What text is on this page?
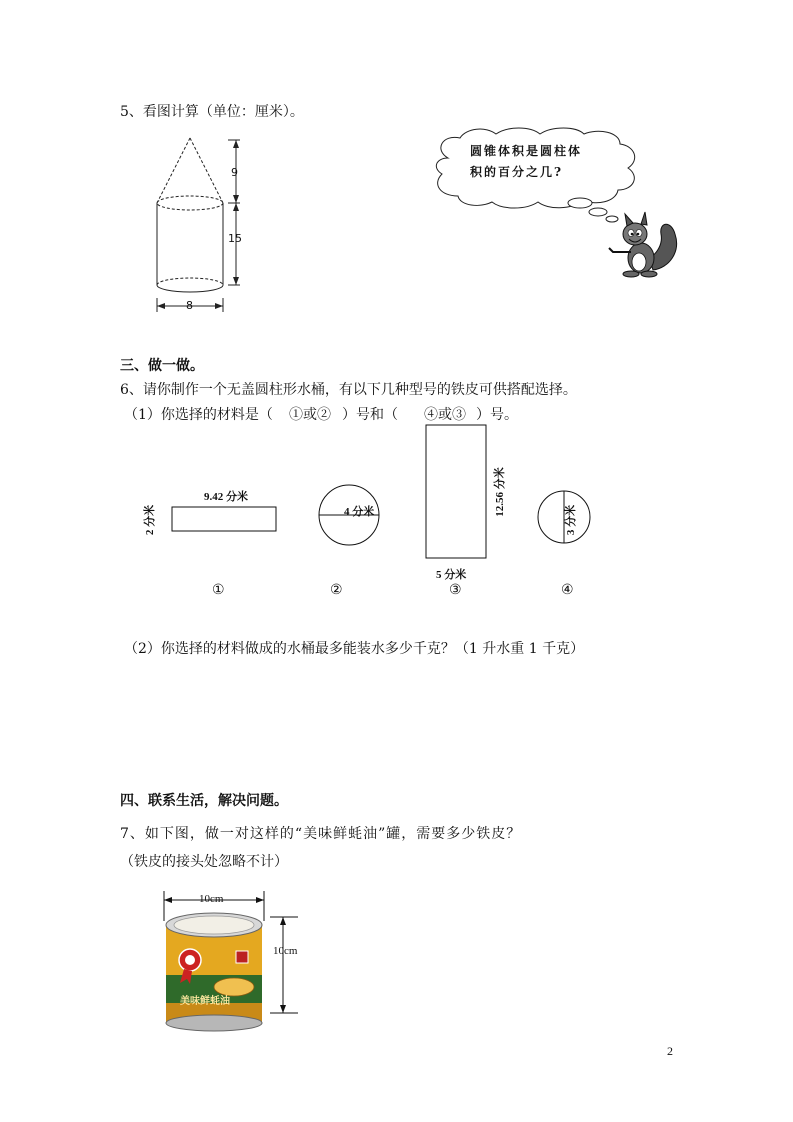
5、看图计算（单位：厘米）。
9
15
8
圆锥体积是圆柱体
积的百分之几?
三、做一做。
6、请你制作一个无盖圆柱形水桶，有以下几种型号的铁皮可供搭配选择。
（1）你选择的材料是（ ①或② ）号和（ ④或③ ）号。
9.42 分米
2 分米	4 分米	12.56 分米
5 分米
3 分米
①	②	③	④
（2）你选择的材料做成的水桶最多能装水多少千克？（1 升水重 1 千克）
四、联系生活，解决问题。
7、如下图，做一对这样的“美味鲜蚝油”罐，需要多少铁皮？
（铁皮的接头处忽略不计）
10cm
10cm
美味鲜蚝油
2
